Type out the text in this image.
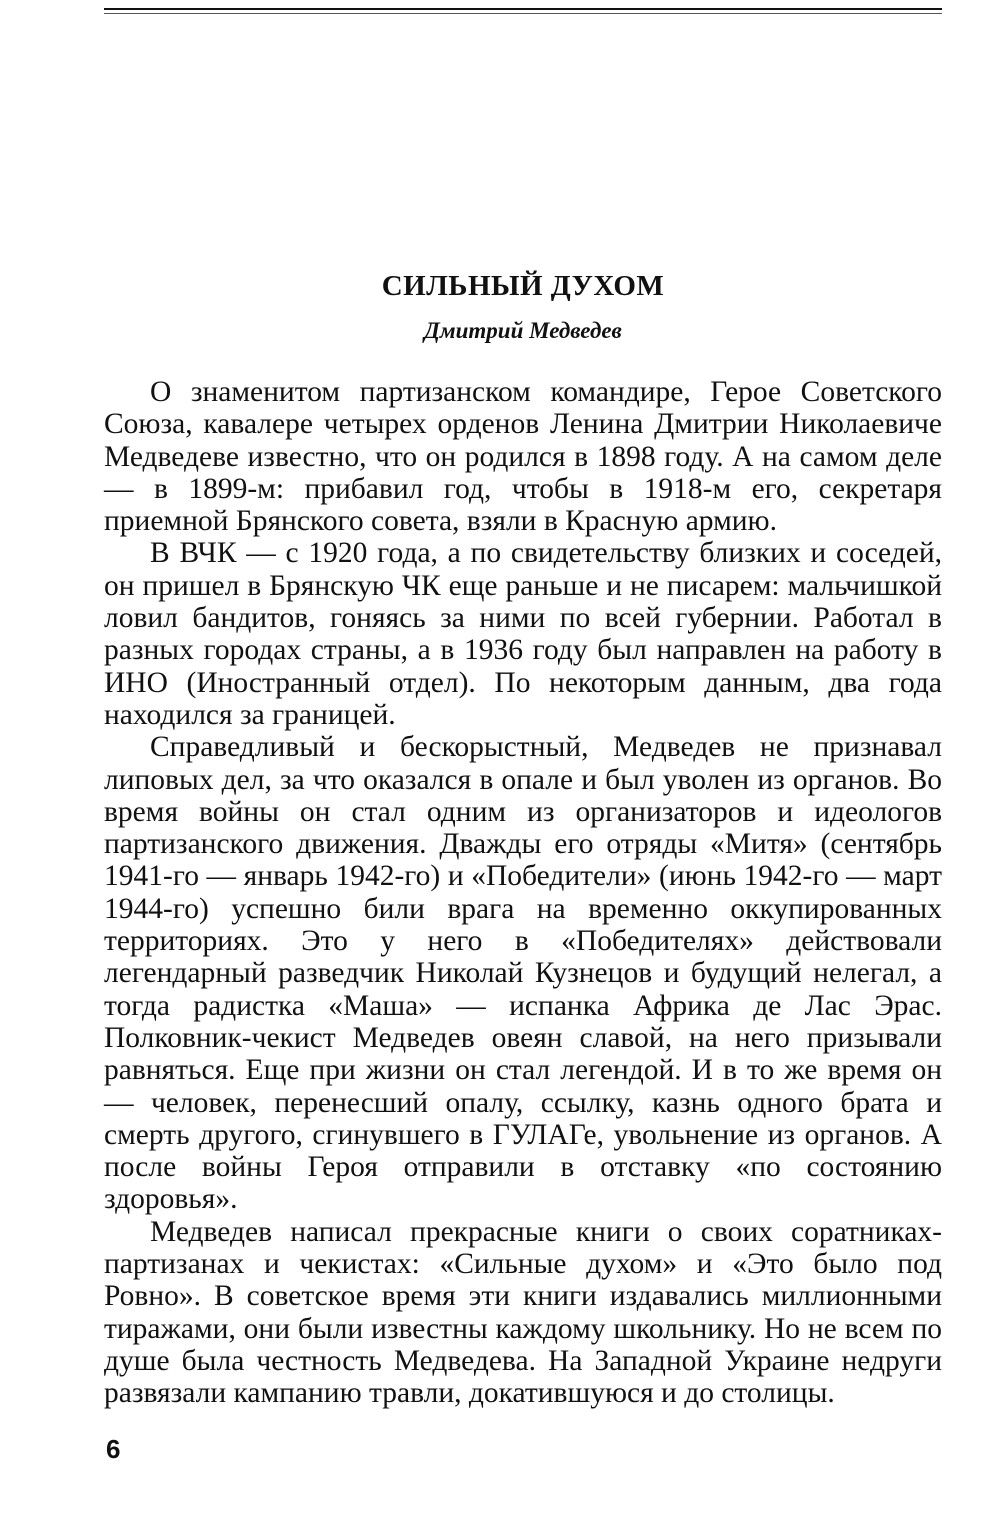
СИЛЬНЫЙ ДУХОМ
Дмитрий Медведев

О знаменитом партизанском командире, Герое Советского Союза, кавалере четырех орденов Ленина Дмитрии Николаевиче Медведеве известно, что он родился в 1898 году. А на самом деле — в 1899-м: прибавил год, чтобы в 1918-м его, секретаря приемной Брянского совета, взяли в Красную армию.

В ВЧК — с 1920 года, а по свидетельству близких и соседей, он пришел в Брянскую ЧК еще раньше и не писарем: мальчишкой ловил бандитов, гоняясь за ними по всей губернии. Работал в разных городах страны, а в 1936 году был направлен на работу в ИНО (Иностранный отдел). По некоторым данным, два года находился за границей.

Справедливый и бескорыстный, Медведев не признавал липовых дел, за что оказался в опале и был уволен из органов. Во время войны он стал одним из организаторов и идеологов партизанского движения. Дважды его отряды «Митя» (сентябрь 1941-го — январь 1942-го) и «Победители» (июнь 1942-го — март 1944-го) успешно били врага на временно оккупированных территориях. Это у него в «Победителях» действовали легендарный разведчик Николай Кузнецов и будущий нелегал, а тогда радистка «Маша» — испанка Африка де Лас Эрас. Полковник-чекист Медведев овеян славой, на него призывали равняться. Еще при жизни он стал легендой. И в то же время он — человек, перенесший опалу, ссылку, казнь одного брата и смерть другого, сгинувшего в ГУЛАГе, увольнение из органов. А после войны Героя отправили в отставку «по состоянию здоровья».

Медведев написал прекрасные книги о своих соратниках-партизанах и чекистах: «Сильные духом» и «Это было под Ровно». В советское время эти книги издавались миллионными тиражами, они были известны каждому школьнику. Но не всем по душе была честность Медведева. На Западной Украине недруги развязали кампанию травли, докатившуюся и до столицы.

6
